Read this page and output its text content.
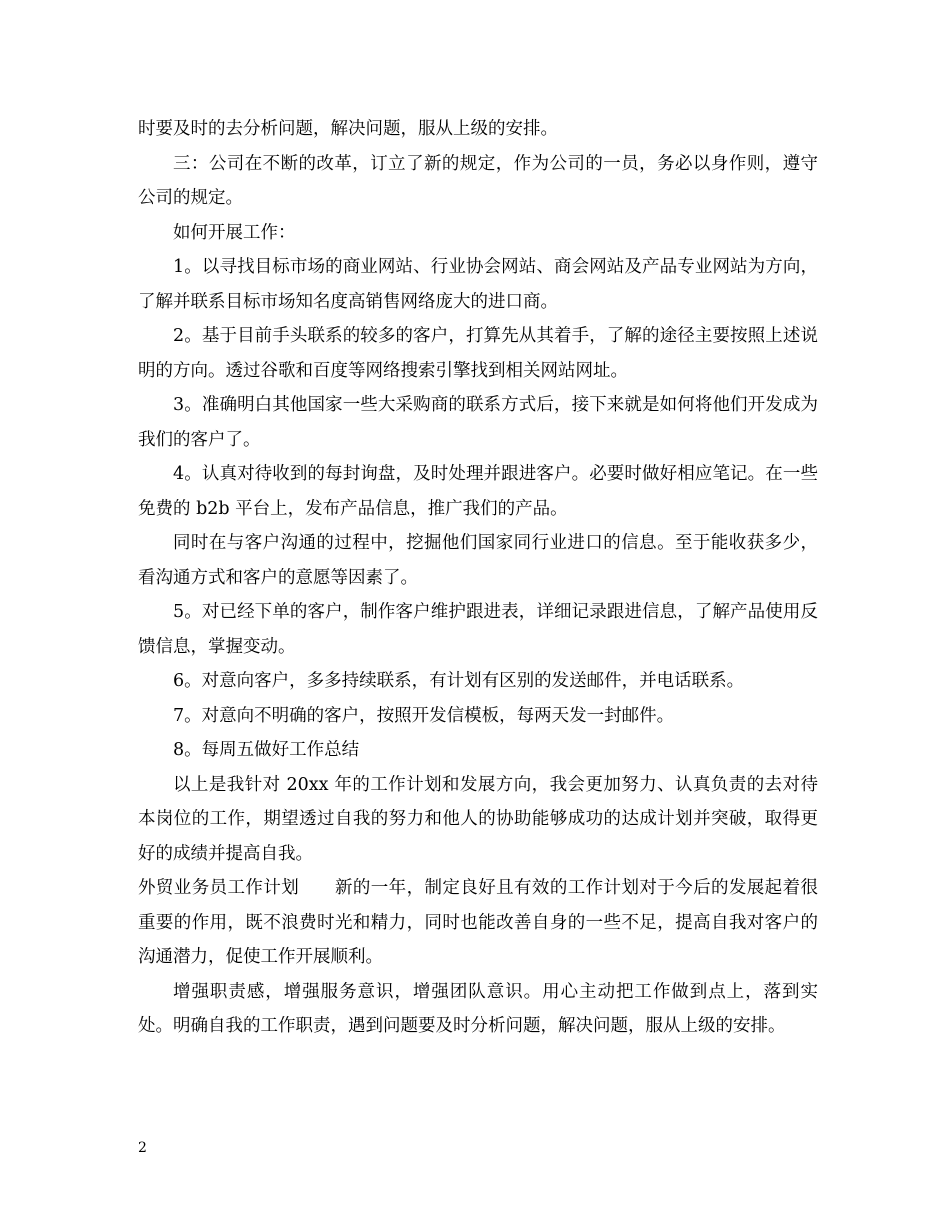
时要及时的去分析问题，解决问题，服从上级的安排。

三：公司在不断的改革，订立了新的规定，作为公司的一员，务必以身作则，遵守公司的规定。

如何开展工作：

1。以寻找目标市场的商业网站、行业协会网站、商会网站及产品专业网站为方向，了解并联系目标市场知名度高销售网络庞大的进口商。

2。基于目前手头联系的较多的客户，打算先从其着手，了解的途径主要按照上述说明的方向。透过谷歌和百度等网络搜索引擎找到相关网站网址。

3。准确明白其他国家一些大采购商的联系方式后，接下来就是如何将他们开发成为我们的客户了。

4。认真对待收到的每封询盘，及时处理并跟进客户。必要时做好相应笔记。在一些免费的 b2b 平台上，发布产品信息，推广我们的产品。

同时在与客户沟通的过程中，挖掘他们国家同行业进口的信息。至于能收获多少，看沟通方式和客户的意愿等因素了。

5。对已经下单的客户，制作客户维护跟进表，详细记录跟进信息，了解产品使用反馈信息，掌握变动。

6。对意向客户，多多持续联系，有计划有区别的发送邮件，并电话联系。

7。对意向不明确的客户，按照开发信模板，每两天发一封邮件。

8。每周五做好工作总结

以上是我针对 20xx 年的工作计划和发展方向，我会更加努力、认真负责的去对待本岗位的工作，期望透过自我的努力和他人的协助能够成功的达成计划并突破，取得更好的成绩并提高自我。

外贸业务员工作计划　　新的一年，制定良好且有效的工作计划对于今后的发展起着很重要的作用，既不浪费时光和精力，同时也能改善自身的一些不足，提高自我对客户的沟通潜力，促使工作开展顺利。

增强职责感，增强服务意识，增强团队意识。用心主动把工作做到点上，落到实处。明确自我的工作职责，遇到问题要及时分析问题，解决问题，服从上级的安排。

2
